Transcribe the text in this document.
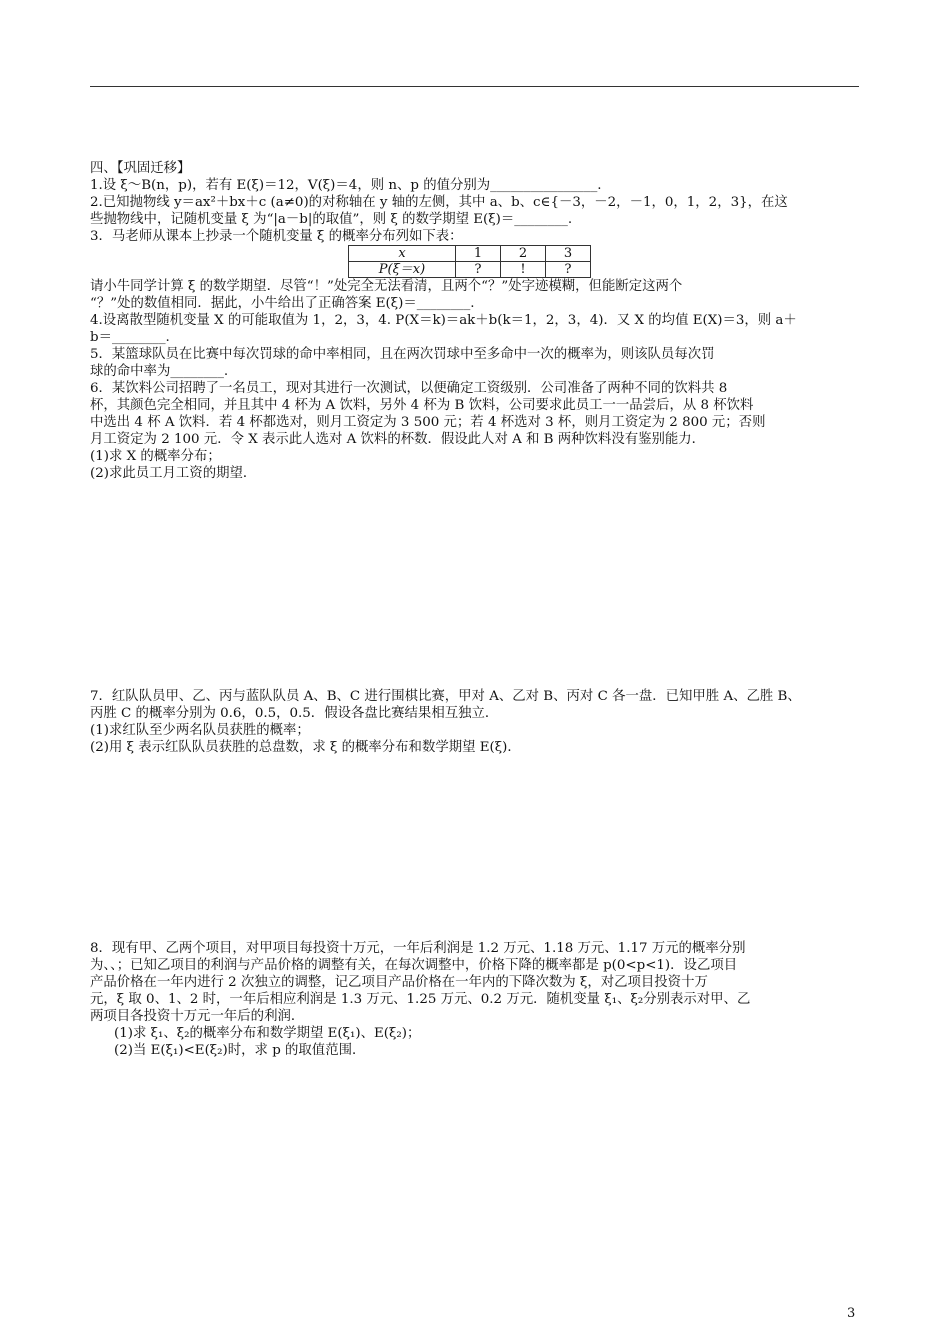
四、【巩固迁移】
1.设 ξ～B(n，p)，若有 E(ξ)＝12，V(ξ)＝4，则 n、p 的值分别为________________.
2.已知抛物线 y＝ax²＋bx＋c (a≠0)的对称轴在 y 轴的左侧，其中 a、b、c∈{－3，－2，－1，0，1，2，3}，在这
些抛物线中，记随机变量 ξ 为“|a－b|的取值”，则 ξ 的数学期望 E(ξ)＝________.
3．马老师从课本上抄录一个随机变量 ξ 的概率分布列如下表：
x	1	2	3
P(ξ＝x)	?	!	?
请小牛同学计算 ξ 的数学期望．尽管“！”处完全无法看清，且两个“？”处字迹模糊，但能断定这两个
“？”处的数值相同．据此，小牛给出了正确答案 E(ξ)＝________.
4.设离散型随机变量 X 的可能取值为 1，2，3，4. P(X＝k)＝ak＋b(k＝1，2，3，4)．又 X 的均值 E(X)＝3，则 a＋
b＝________.
5．某篮球队员在比赛中每次罚球的命中率相同，且在两次罚球中至多命中一次的概率为，则该队员每次罚
球的命中率为________.
6．某饮料公司招聘了一名员工，现对其进行一次测试，以便确定工资级别．公司准备了两种不同的饮料共 8
杯，其颜色完全相同，并且其中 4 杯为 A 饮料，另外 4 杯为 B 饮料，公司要求此员工一一品尝后，从 8 杯饮料
中选出 4 杯 A 饮料．若 4 杯都选对，则月工资定为 3 500 元；若 4 杯选对 3 杯，则月工资定为 2 800 元；否则
月工资定为 2 100 元．令 X 表示此人选对 A 饮料的杯数．假设此人对 A 和 B 两种饮料没有鉴别能力．
(1)求 X 的概率分布；
(2)求此员工月工资的期望．
7．红队队员甲、乙、丙与蓝队队员 A、B、C 进行围棋比赛，甲对 A、乙对 B、丙对 C 各一盘．已知甲胜 A、乙胜 B、
丙胜 C 的概率分别为 0.6，0.5，0.5．假设各盘比赛结果相互独立．
(1)求红队至少两名队员获胜的概率；
(2)用 ξ 表示红队队员获胜的总盘数，求 ξ 的概率分布和数学期望 E(ξ)．
8．现有甲、乙两个项目，对甲项目每投资十万元，一年后利润是 1.2 万元、1.18 万元、1.17 万元的概率分别
为、、；已知乙项目的利润与产品价格的调整有关，在每次调整中，价格下降的概率都是 p(0<p<1)．设乙项目
产品价格在一年内进行 2 次独立的调整，记乙项目产品价格在一年内的下降次数为 ξ，对乙项目投资十万
元，ξ 取 0、1、2 时，一年后相应利润是 1.3 万元、1.25 万元、0.2 万元．随机变量 ξ₁、ξ₂分别表示对甲、乙
两项目各投资十万元一年后的利润．
(1)求 ξ₁、ξ₂的概率分布和数学期望 E(ξ₁)、E(ξ₂)；
(2)当 E(ξ₁)<E(ξ₂)时，求 p 的取值范围．
3
